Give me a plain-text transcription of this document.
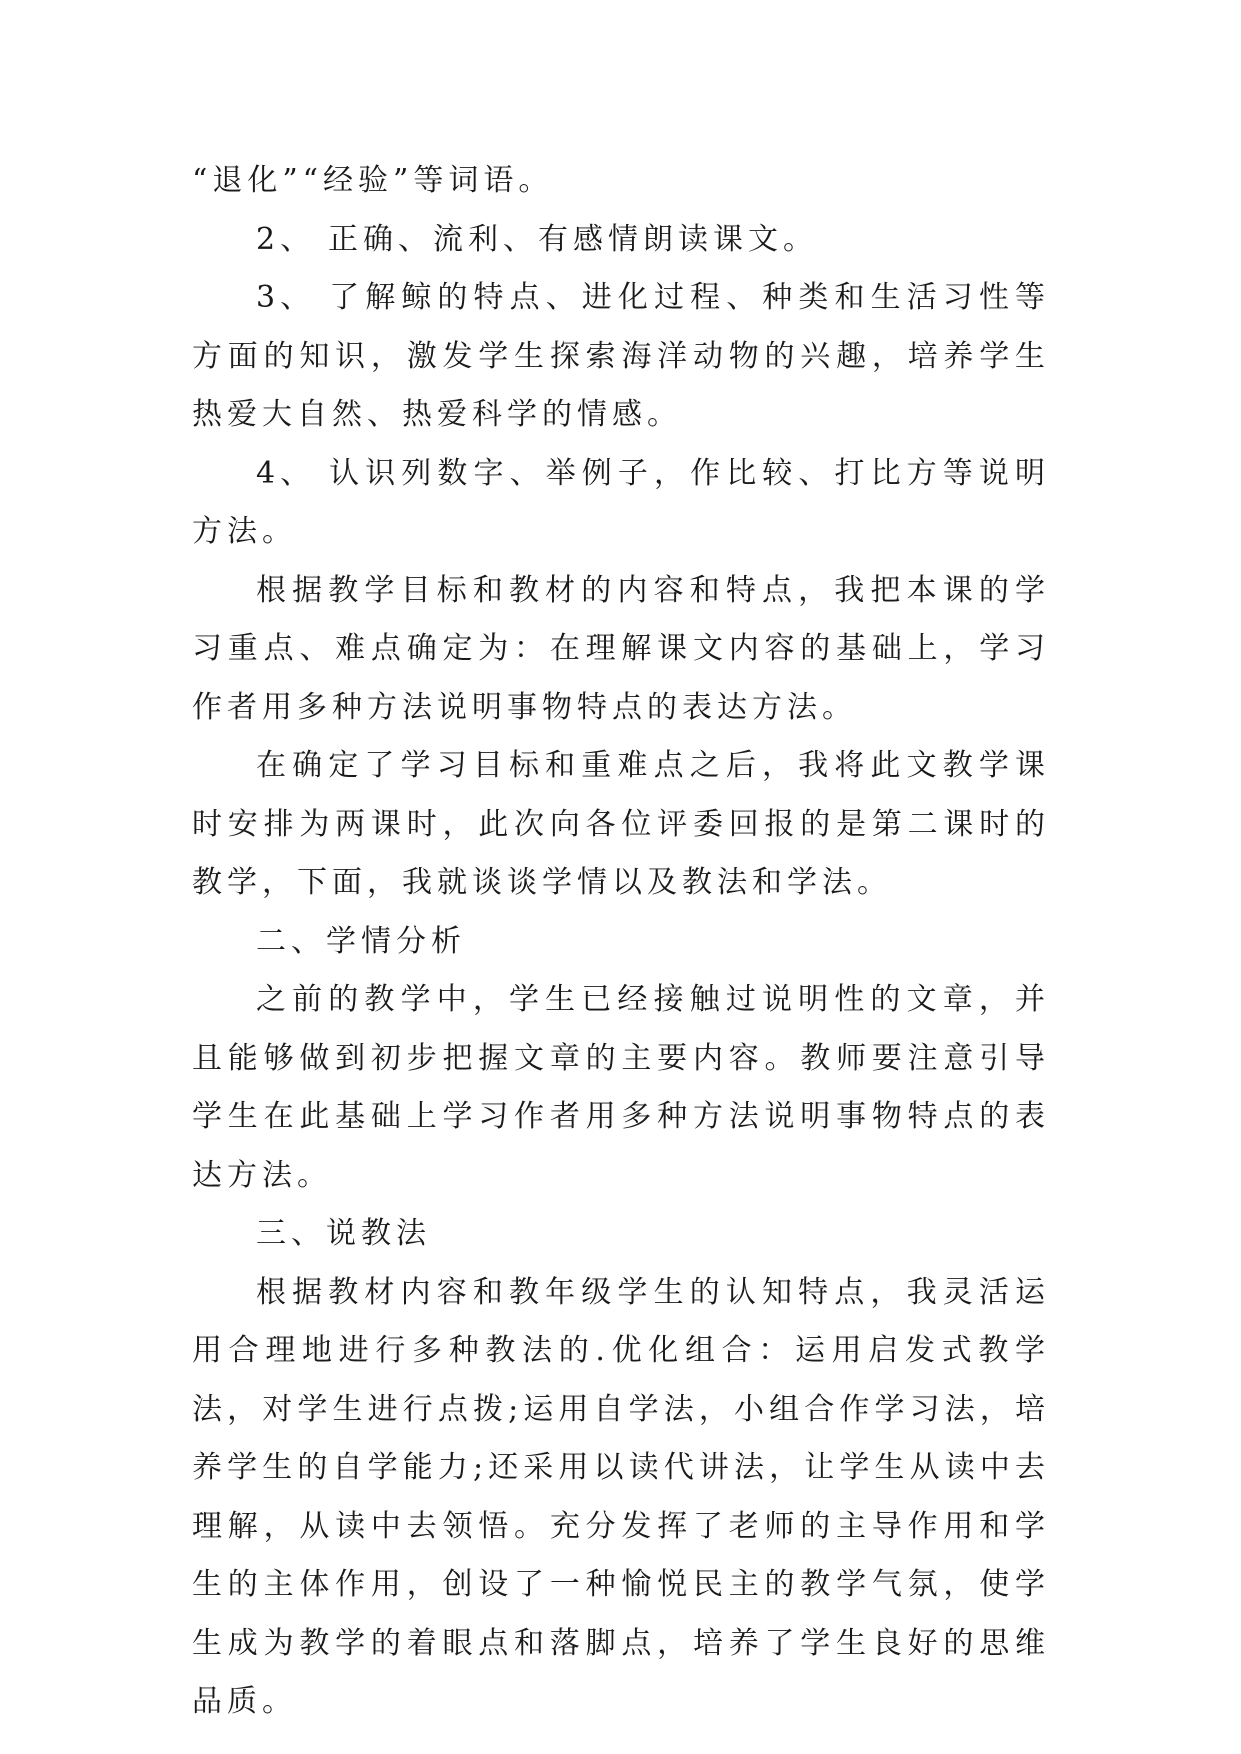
“退化”“经验”等词语。

2、 正确、流利、有感情朗读课文。

3、 了解鲸的特点、进化过程、种类和生活习性等方面的知识，激发学生探索海洋动物的兴趣，培养学生热爱大自然、热爱科学的情感。

4、 认识列数字、举例子，作比较、打比方等说明方法。

根据教学目标和教材的内容和特点，我把本课的学习重点、难点确定为：在理解课文内容的基础上，学习作者用多种方法说明事物特点的表达方法。

在确定了学习目标和重难点之后，我将此文教学课时安排为两课时，此次向各位评委回报的是第二课时的教学，下面，我就谈谈学情以及教法和学法。

二、学情分析

之前的教学中，学生已经接触过说明性的文章，并且能够做到初步把握文章的主要内容。教师要注意引导学生在此基础上学习作者用多种方法说明事物特点的表达方法。

三、说教法

根据教材内容和教年级学生的认知特点，我灵活运用合理地进行多种教法的.优化组合：运用启发式教学法，对学生进行点拨;运用自学法，小组合作学习法，培养学生的自学能力;还采用以读代讲法，让学生从读中去理解，从读中去领悟。充分发挥了老师的主导作用和学生的主体作用，创设了一种愉悦民主的教学气氛，使学生成为教学的着眼点和落脚点，培养了学生良好的思维品质。
